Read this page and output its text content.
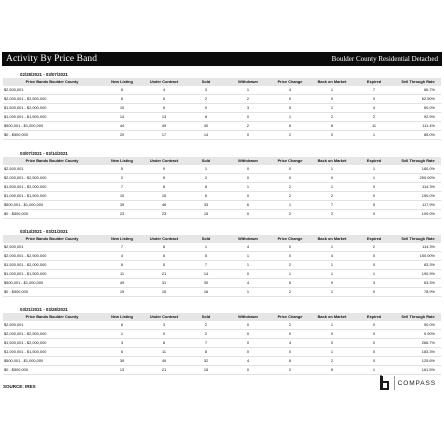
Activity By Price Band	Boulder County Residential Detached
02/28/2021 - 03/07/2021
Price Bands Boulder County	New Listing	Under Contract	Sold	Withdrawn	Price Change	Back on Market	Expired	Sell Through Rate
$2,500,001	6	4	3	1	4	1	7	66.7%
$2,000,001 - $2,500,000	8	5	2	2	0	0	0	62.50%
$1,500,001 - $2,000,000	10	6	0	3	5	1	4	60.0%
$1,000,001 - $1,500,000	14	13	8	0	1	2	2	92.9%
$500,001 - $1,000,000	44	49	30	2	5	6	11	111.4%
$0 - $500,000	20	17	14	0	2	0	1	85.0%
03/07/2021 - 03/14/2021
Price Bands Boulder County	New Listing	Under Contract	Sold	Withdrawn	Price Change	Back on Market	Expired	Sell Through Rate
$2,500,001	5	9	1	0	0	1	1	180.0%
$2,000,001 - $2,500,000	2	5	2	0	0	0	1	250.00%
$1,500,001 - $2,000,000	7	8	8	1	2	1	0	114.3%
$1,000,001 - $1,500,000	10	15	6	0	2	2	0	150.0%
$500,001 - $1,000,000	39	46	33	6	1	7	5	117.9%
$0 - $500,000	23	23	15	0	2	2	0	100.0%
03/14/2021 - 03/21/2021
Price Bands Boulder County	New Listing	Under Contract	Sold	Withdrawn	Price Change	Back on Market	Expired	Sell Through Rate
$2,500,001	7	8	1	4	0	1	2	114.3%
$2,000,001 - $2,500,000	4	6	5	1	0	4	0	150.00%
$1,500,001 - $2,000,000	6	5	7	1	2	1	0	83.3%
$1,000,001 - $1,500,000	11	21	14	0	1	1	1	190.9%
$500,001 - $1,000,000	49	31	30	4	5	9	3	63.3%
$0 - $500,000	19	15	16	1	2	1	0	78.9%
03/21/2021 - 03/28/2021
Price Bands Boulder County	New Listing	Under Contract	Sold	Withdrawn	Price Change	Back on Market	Expired	Sell Through Rate
$2,500,001	6	3	2	0	2	1	0	50.0%
$2,000,001 - $2,500,000	1	0	2	0	0	0	0	0.00%
$1,500,001 - $2,000,000	3	8	7	0	4	0	0	266.7%
$1,000,001 - $1,500,000	6	11	8	0	0	1	0	183.3%
$500,001 - $1,000,000	39	49	32	4	6	2	0	125.6%
$0 - $500,000	13	21	15	0	2	5	1	161.5%
SOURCE: IRES	COMPASS
